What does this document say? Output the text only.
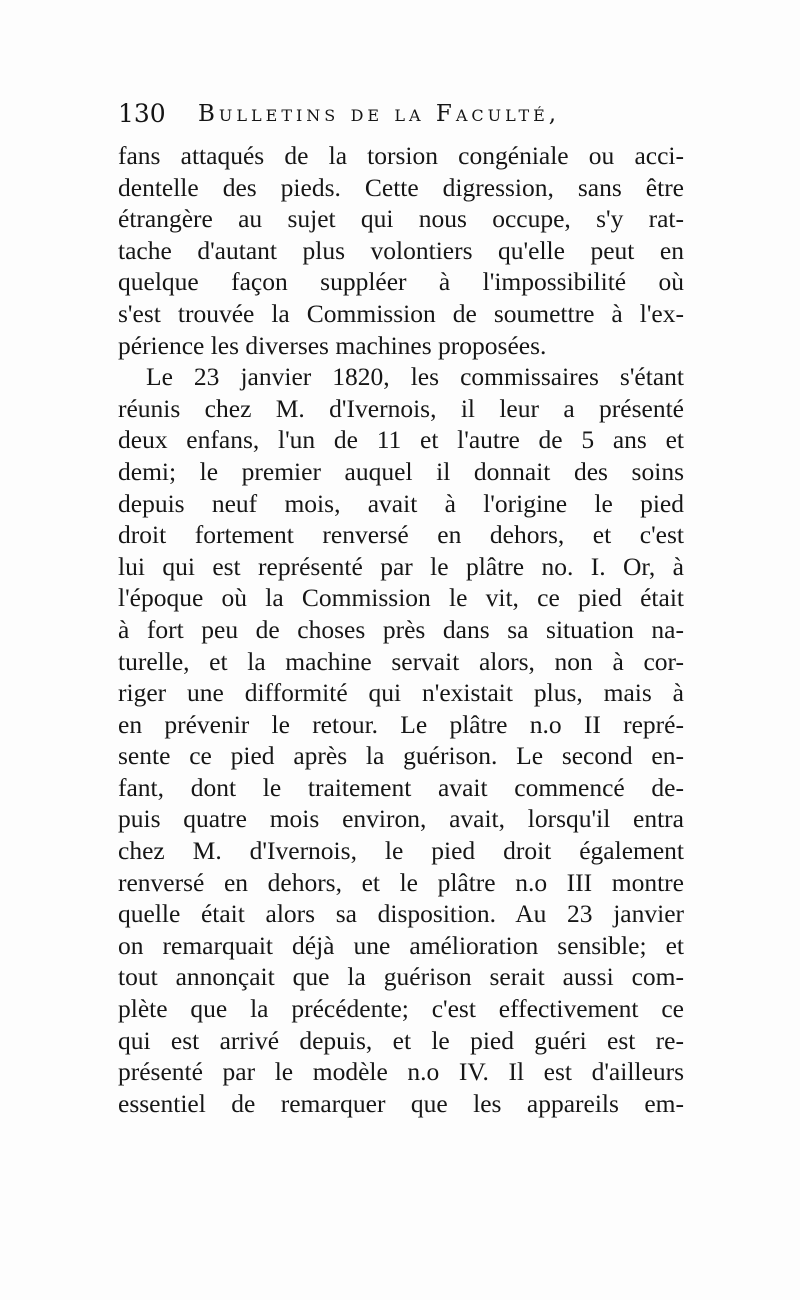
130 Bulletins de la Faculté,
fans attaqués de la torsion congéniale ou acci-
dentelle des pieds. Cette digression, sans être
étrangère au sujet qui nous occupe, s'y rat-
tache d'autant plus volontiers qu'elle peut en
quelque façon suppléer à l'impossibilité où
s'est trouvée la Commission de soumettre à l'ex-
périence les diverses machines proposées.
Le 23 janvier 1820, les commissaires s'étant
réunis chez M. d'Ivernois, il leur a présenté
deux enfans, l'un de 11 et l'autre de 5 ans et
demi; le premier auquel il donnait des soins
depuis neuf mois, avait à l'origine le pied
droit fortement renversé en dehors, et c'est
lui qui est représenté par le plâtre no. I. Or, à
l'époque où la Commission le vit, ce pied était
à fort peu de choses près dans sa situation na-
turelle, et la machine servait alors, non à cor-
riger une difformité qui n'existait plus, mais à
en prévenir le retour. Le plâtre n.o II repré-
sente ce pied après la guérison. Le second en-
fant, dont le traitement avait commencé de-
puis quatre mois environ, avait, lorsqu'il entra
chez M. d'Ivernois, le pied droit également
renversé en dehors, et le plâtre n.o III montre
quelle était alors sa disposition. Au 23 janvier
on remarquait déjà une amélioration sensible; et
tout annonçait que la guérison serait aussi com-
plète que la précédente; c'est effectivement ce
qui est arrivé depuis, et le pied guéri est re-
présenté par le modèle n.o IV. Il est d'ailleurs
essentiel de remarquer que les appareils em-
